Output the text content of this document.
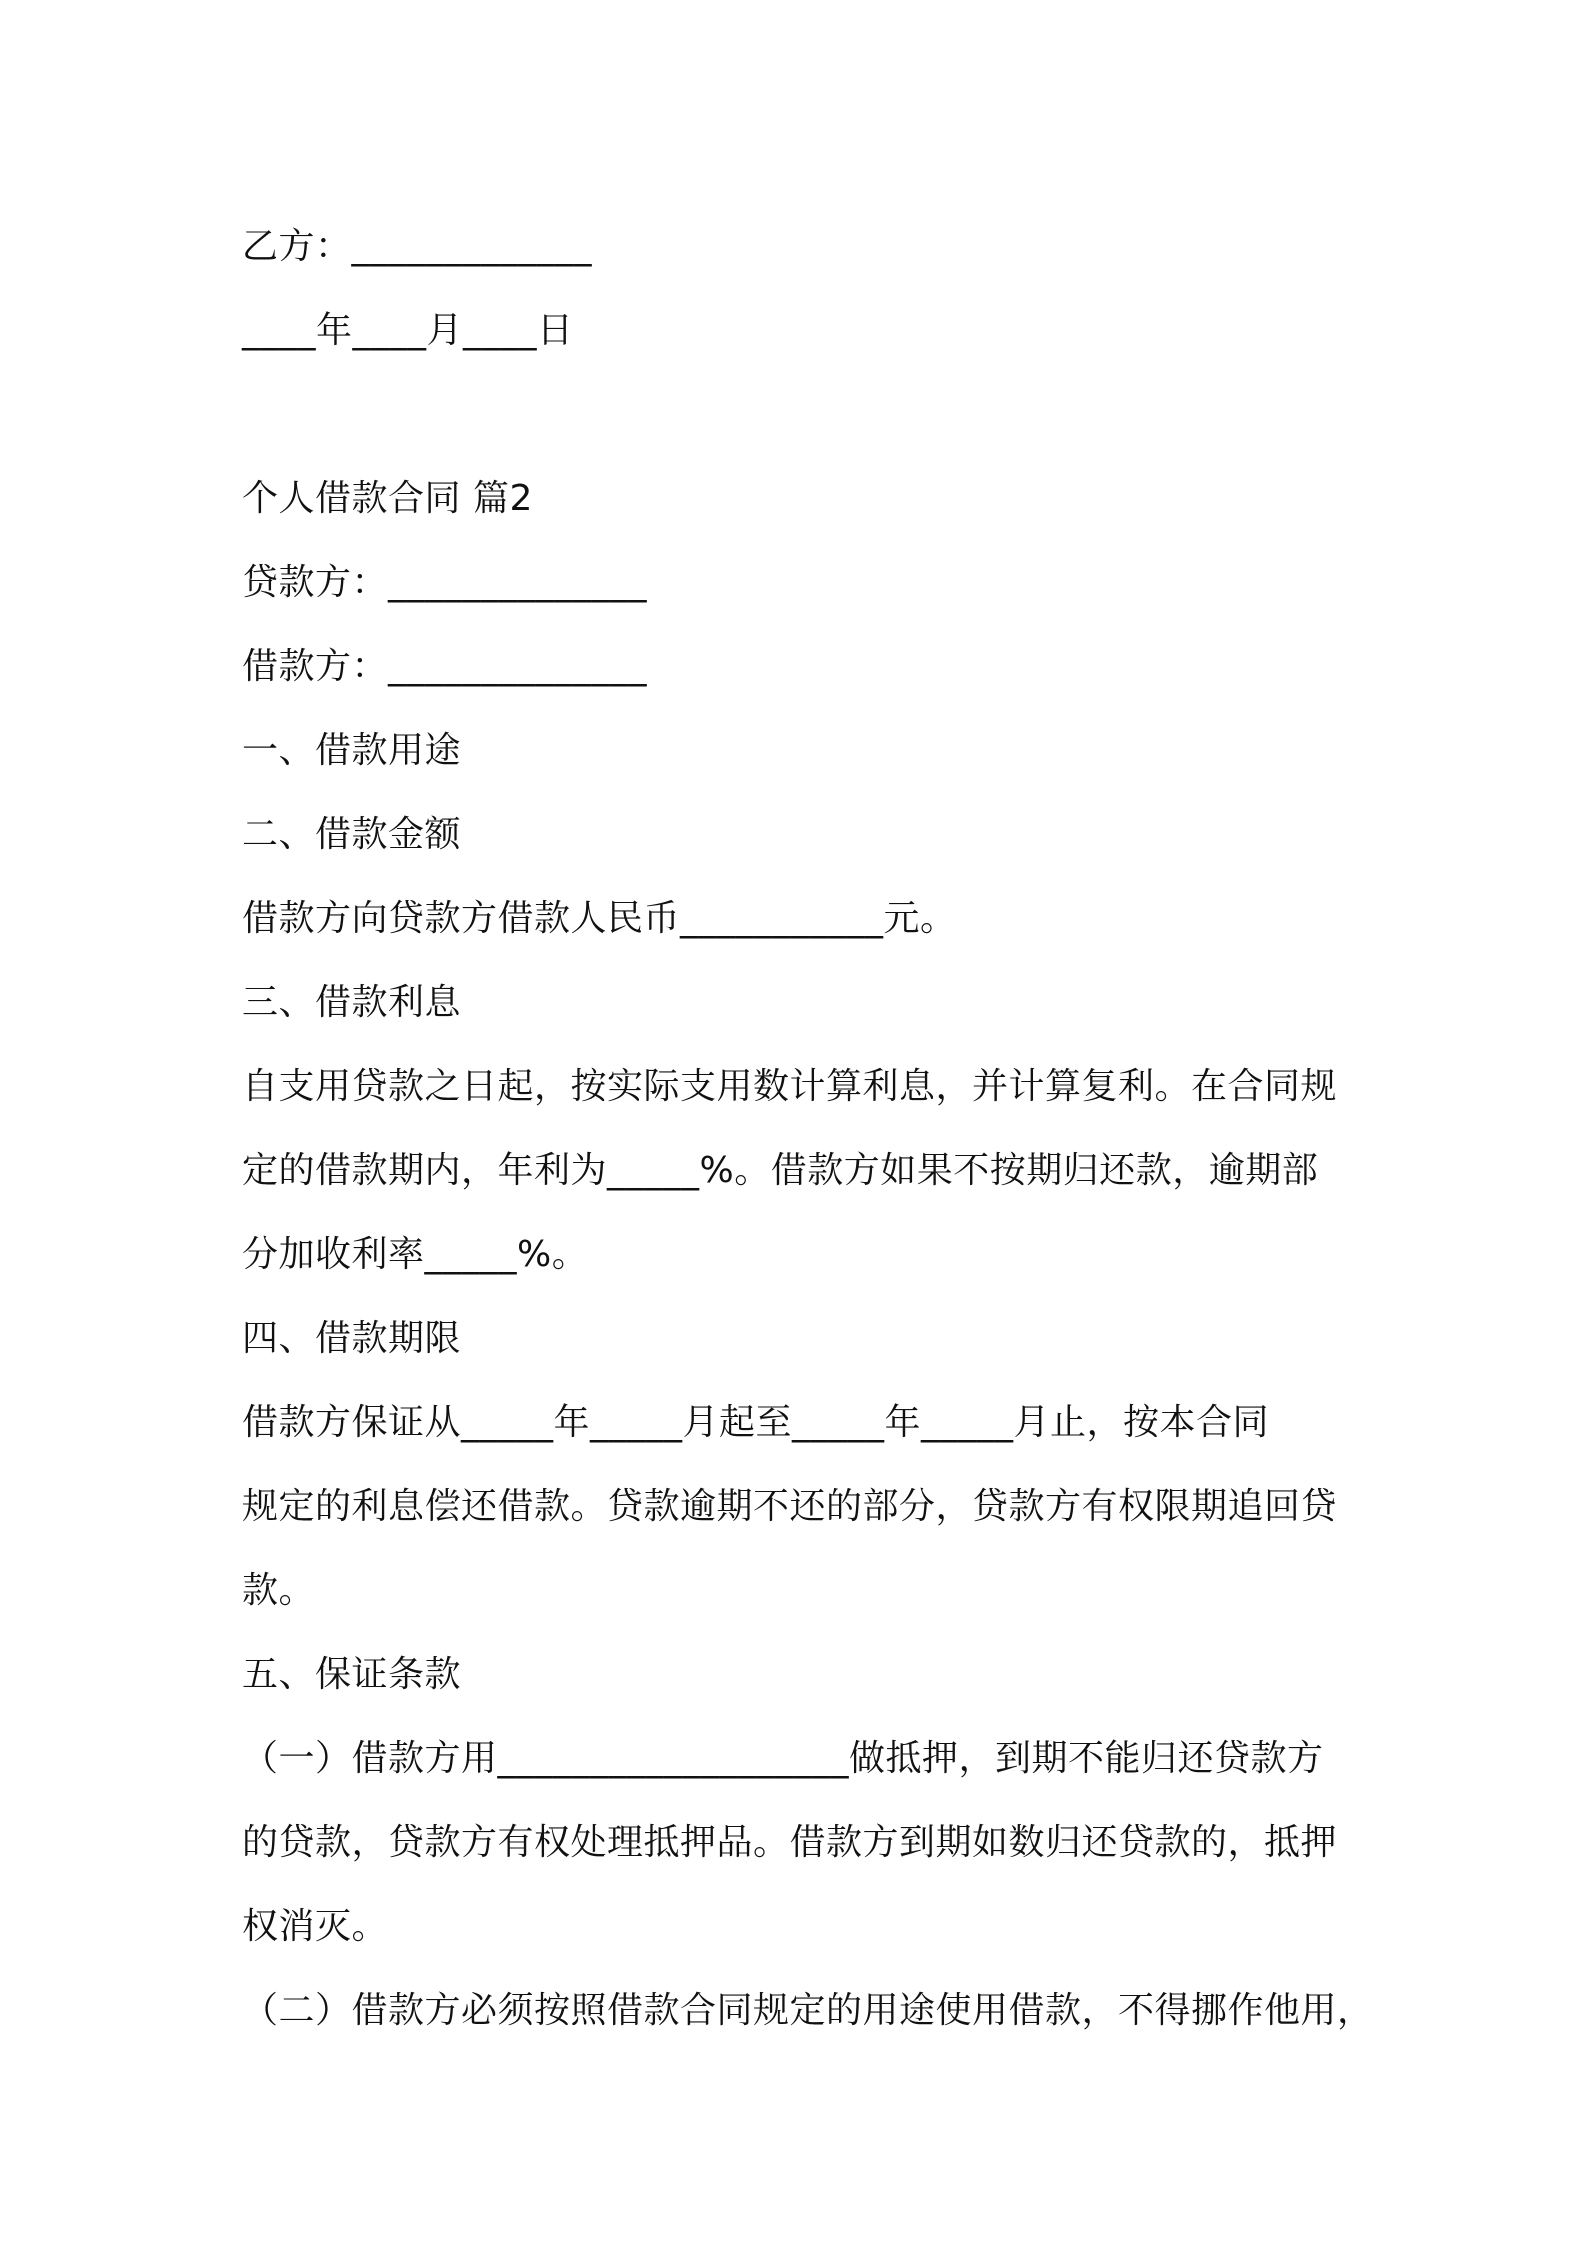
乙方：_____________
____年____月____日
个人借款合同 篇2
贷款方：______________
借款方：______________
一、借款用途
二、借款金额
借款方向贷款方借款人民币___________元。
三、借款利息
自支用贷款之日起，按实际支用数计算利息，并计算复利。在合同规
定的借款期内，年利为_____%。借款方如果不按期归还款，逾期部
分加收利率_____%。
四、借款期限
借款方保证从_____年_____月起至_____年_____月止，按本合同
规定的利息偿还借款。贷款逾期不还的部分，贷款方有权限期追回贷
款。
五、保证条款
（一）借款方用___________________做抵押，到期不能归还贷款方
的贷款，贷款方有权处理抵押品。借款方到期如数归还贷款的，抵押
权消灭。
（二）借款方必须按照借款合同规定的用途使用借款，不得挪作他用，
